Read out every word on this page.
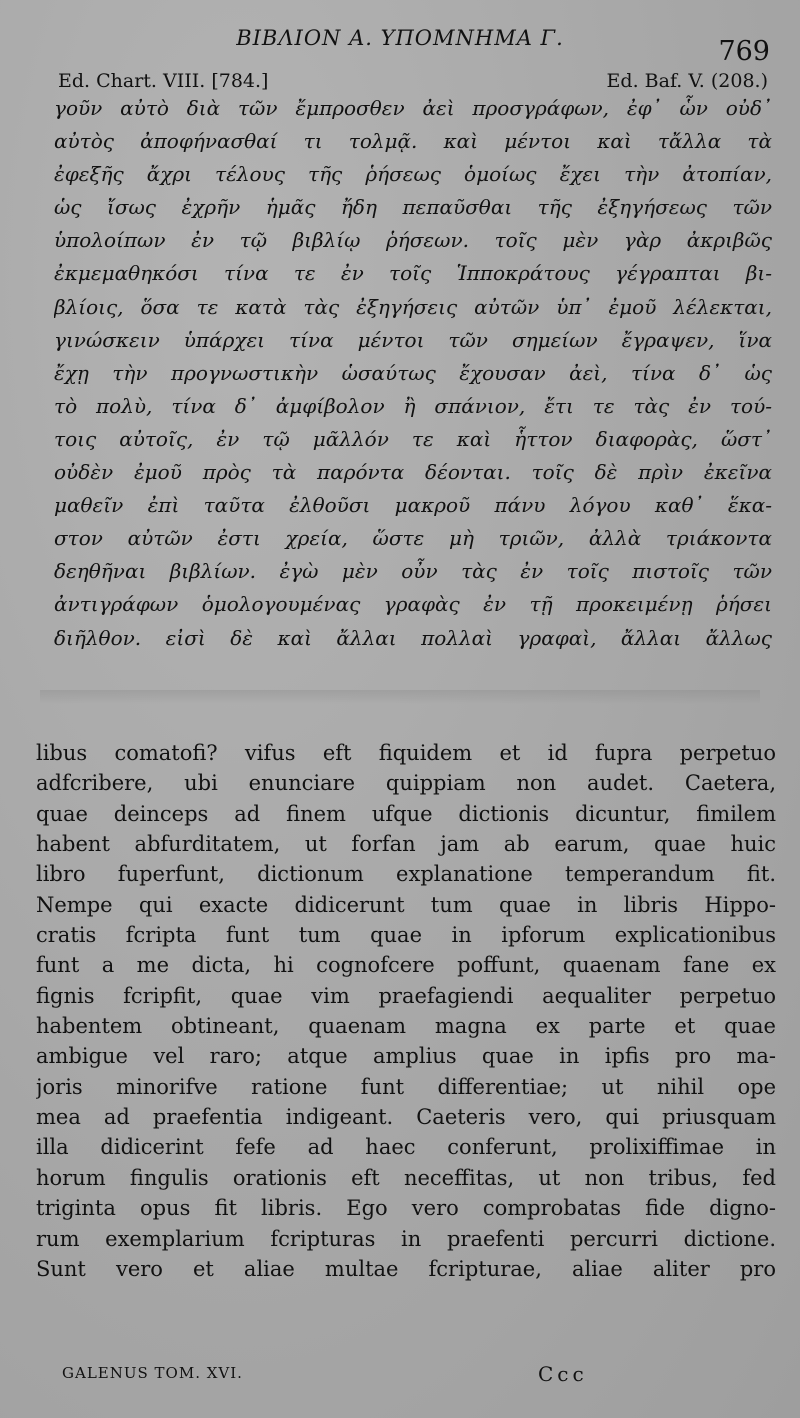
ΒΙΒΛΙΟΝ Α. ΥΠΟΜΝΗΜΑ Γ.	769
Ed. Chart. VIII. [784.]	Ed. Baf. V. (208.)
γοῦν αὐτὸ διὰ τῶν ἔμπροσθεν ἀεὶ προσγράφων, ἐφ᾽ ὧν οὐδ᾽
αὐτὸς ἀποφήνασθαί τι τολμᾷ. καὶ μέντοι καὶ τἄλλα τὰ
ἐφεξῆς ἄχρι τέλους τῆς ῥήσεως ὁμοίως ἔχει τὴν ἀτοπίαν,
ὡς ἴσως ἐχρῆν ἡμᾶς ἤδη πεπαῦσθαι τῆς ἐξηγήσεως τῶν
ὑπολοίπων ἐν τῷ βιβλίῳ ῥήσεων. τοῖς μὲν γὰρ ἀκριβῶς
ἐκμεμαθηκόσι τίνα τε ἐν τοῖς Ἱπποκράτους γέγραπται βι-
βλίοις, ὅσα τε κατὰ τὰς ἐξηγήσεις αὐτῶν ὑπ᾽ ἐμοῦ λέλεκται,
γινώσκειν ὑπάρχει τίνα μέντοι τῶν σημείων ἔγραψεν, ἵνα
ἔχῃ τὴν προγνωστικὴν ὡσαύτως ἔχουσαν ἀεὶ, τίνα δ᾽ ὡς
τὸ πολὺ, τίνα δ᾽ ἀμφίβολον ἢ σπάνιον, ἔτι τε τὰς ἐν τού-
τοις αὐτοῖς, ἐν τῷ μᾶλλόν τε καὶ ἧττον διαφορὰς, ὥστ᾽
οὐδὲν ἐμοῦ πρὸς τὰ παρόντα δέονται. τοῖς δὲ πρὶν ἐκεῖνα
μαθεῖν ἐπὶ ταῦτα ἐλθοῦσι μακροῦ πάνυ λόγου καθ᾽ ἕκα-
στον αὐτῶν ἐστι χρεία, ὥστε μὴ τριῶν, ἀλλὰ τριάκοντα
δεηθῆναι βιβλίων. ἐγὼ μὲν οὖν τὰς ἐν τοῖς πιστοῖς τῶν
ἀντιγράφων ὁμολογουμένας γραφὰς ἐν τῇ προκειμένῃ ῥήσει
διῆλθον. εἰσὶ δὲ καὶ ἄλλαι πολλαὶ γραφαὶ, ἄλλαι ἄλλως
libus comatofi? vifus eft fiquidem et id fupra perpetuo
adfcribere, ubi enunciare quippiam non audet. Caetera,
quae deinceps ad finem ufque dictionis dicuntur, fimilem
habent abfurditatem, ut forfan jam ab earum, quae huic
libro fuperfunt, dictionum explanatione temperandum fit.
Nempe qui exacte didicerunt tum quae in libris Hippo-
cratis fcripta funt tum quae in ipforum explicationibus
funt a me dicta, hi cognofcere poffunt, quaenam fane ex
fignis fcripfit, quae vim praefagiendi aequaliter perpetuo
habentem obtineant, quaenam magna ex parte et quae
ambigue vel raro; atque amplius quae in ipfis pro ma-
joris minorifve ratione funt differentiae; ut nihil ope
mea ad praefentia indigeant. Caeteris vero, qui priusquam
illa didicerint fefe ad haec conferunt, prolixiffimae in
horum fingulis orationis eft neceffitas, ut non tribus, fed
triginta opus fit libris. Ego vero comprobatas fide digno-
rum exemplarium fcripturas in praefenti percurri dictione.
Sunt vero et aliae multae fcripturae, aliae aliter pro
GALENUS TOM. XVI.	Ccc
